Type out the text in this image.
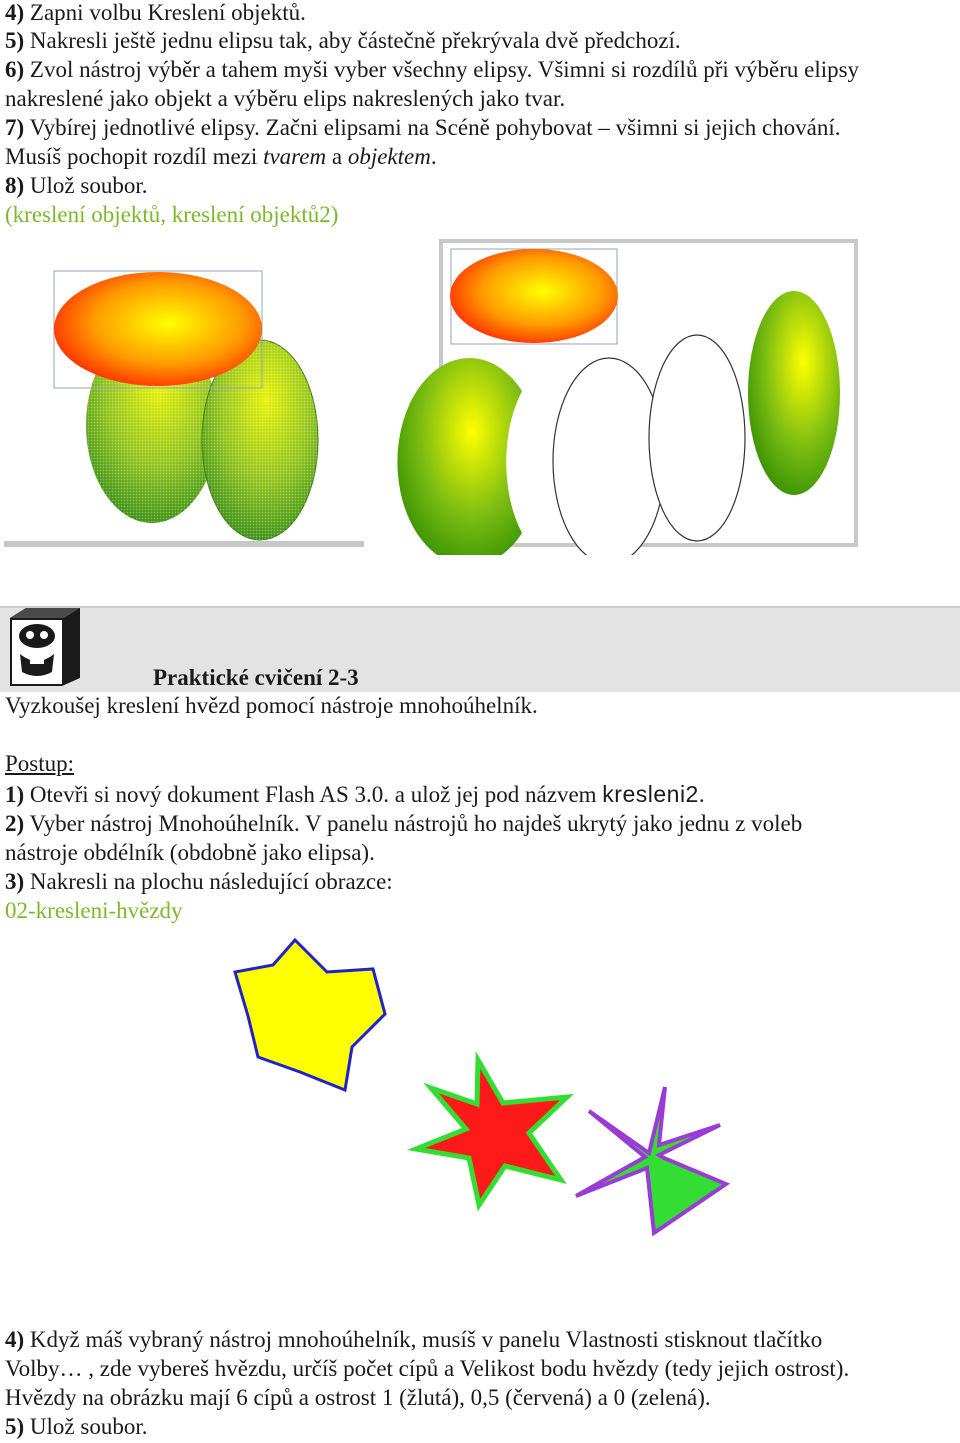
4) Zapni volbu Kreslení objektů.
5) Nakresli ještě jednu elipsu tak, aby částečně překrývala dvě předchozí.
6) Zvol nástroj výběr a tahem myši vyber všechny elipsy. Všimni si rozdílů při výběru elipsy
nakreslené jako objekt a výběru elips nakreslených jako tvar.
7) Vybírej jednotlivé elipsy. Začni elipsami na Scéně pohybovat – všimni si jejich chování.
Musíš pochopit rozdíl mezi tvarem a objektem.
8) Ulož soubor.
(kreslení objektů, kreslení objektů2)
Praktické cvičení 2-3
Vyzkoušej kreslení hvězd pomocí nástroje mnohoúhelník.
Postup:
1) Otevři si nový dokument Flash AS 3.0. a ulož jej pod názvem kresleni2.
2) Vyber nástroj Mnohoúhelník. V panelu nástrojů ho najdeš ukrytý jako jednu z voleb
nástroje obdélník (obdobně jako elipsa).
3) Nakresli na plochu následující obrazce:
02-kresleni-hvězdy
4) Když máš vybraný nástroj mnohoúhelník, musíš v panelu Vlastnosti stisknout tlačítko
Volby… , zde vybereš hvězdu, určíš počet cípů a Velikost bodu hvězdy (tedy jejich ostrost).
Hvězdy na obrázku mají 6 cípů a ostrost 1 (žlutá), 0,5 (červená) a 0 (zelená).
5) Ulož soubor.
